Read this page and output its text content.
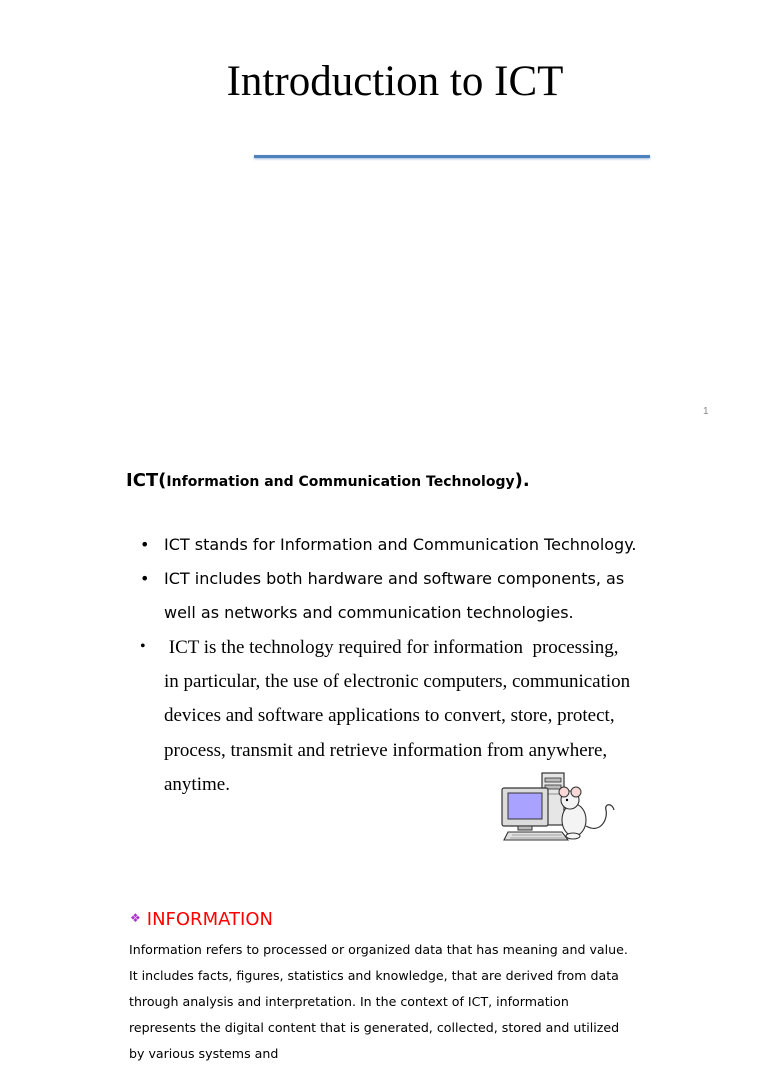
Introduction to ICT
1
ICT(Information and Communication Technology).
• ICT stands for Information and Communication Technology.
• ICT includes both hardware and software components, as well as networks and communication technologies.
• ICT is the technology required for information  processing, in particular, the use of electronic computers, communication devices and software applications to convert, store, protect, process, transmit and retrieve information from anywhere, anytime.
❖ INFORMATION
Information refers to processed or organized data that has meaning and value. It includes facts, figures, statistics and knowledge, that are derived from data through analysis and interpretation. In the context of ICT, information represents the digital content that is generated, collected, stored and utilized by various systems and
